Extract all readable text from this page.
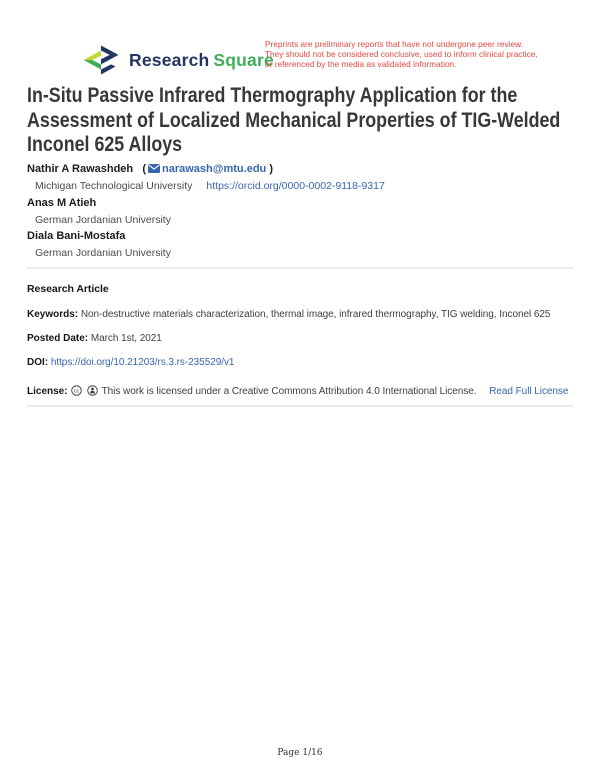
Research Square
Preprints are preliminary reports that have not undergone peer review.
They should not be considered conclusive, used to inform clinical practice,
or referenced by the media as validated information.
In-Situ Passive Infrared Thermography Application for the Assessment of Localized Mechanical Properties of TIG-Welded Inconel 625 Alloys
Nathir A Rawashdeh ( narawash@mtu.edu )
Michigan Technological University https://orcid.org/0000-0002-9118-9317
Anas M Atieh
German Jordanian University
Diala Bani-Mostafa
German Jordanian University
Research Article
Keywords: Non-destructive materials characterization, thermal image, infrared thermography, TIG welding, Inconel 625
Posted Date: March 1st, 2021
DOI: https://doi.org/10.21203/rs.3.rs-235529/v1
License: cc This work is licensed under a Creative Commons Attribution 4.0 International License. Read Full License
Page 1/16
